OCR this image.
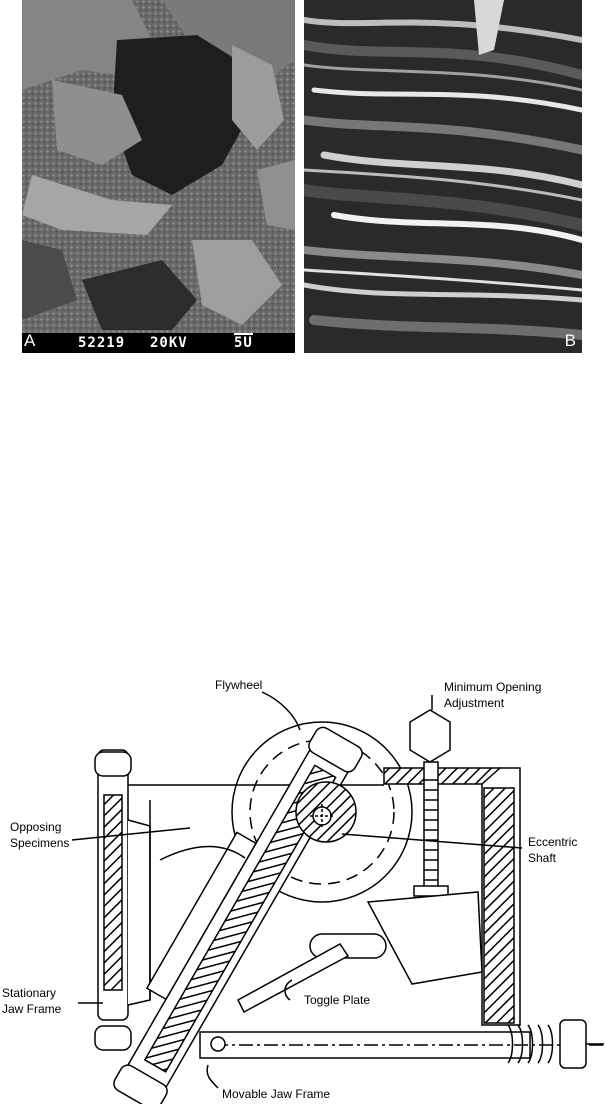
A	52219 20KV	5U	B
Flywheel	Minimum Opening
Adjustment
Opposing
Specimens	Eccentric
Shaft
Toggle Plate
Stationary
Jaw Frame
Movable Jaw Frame
